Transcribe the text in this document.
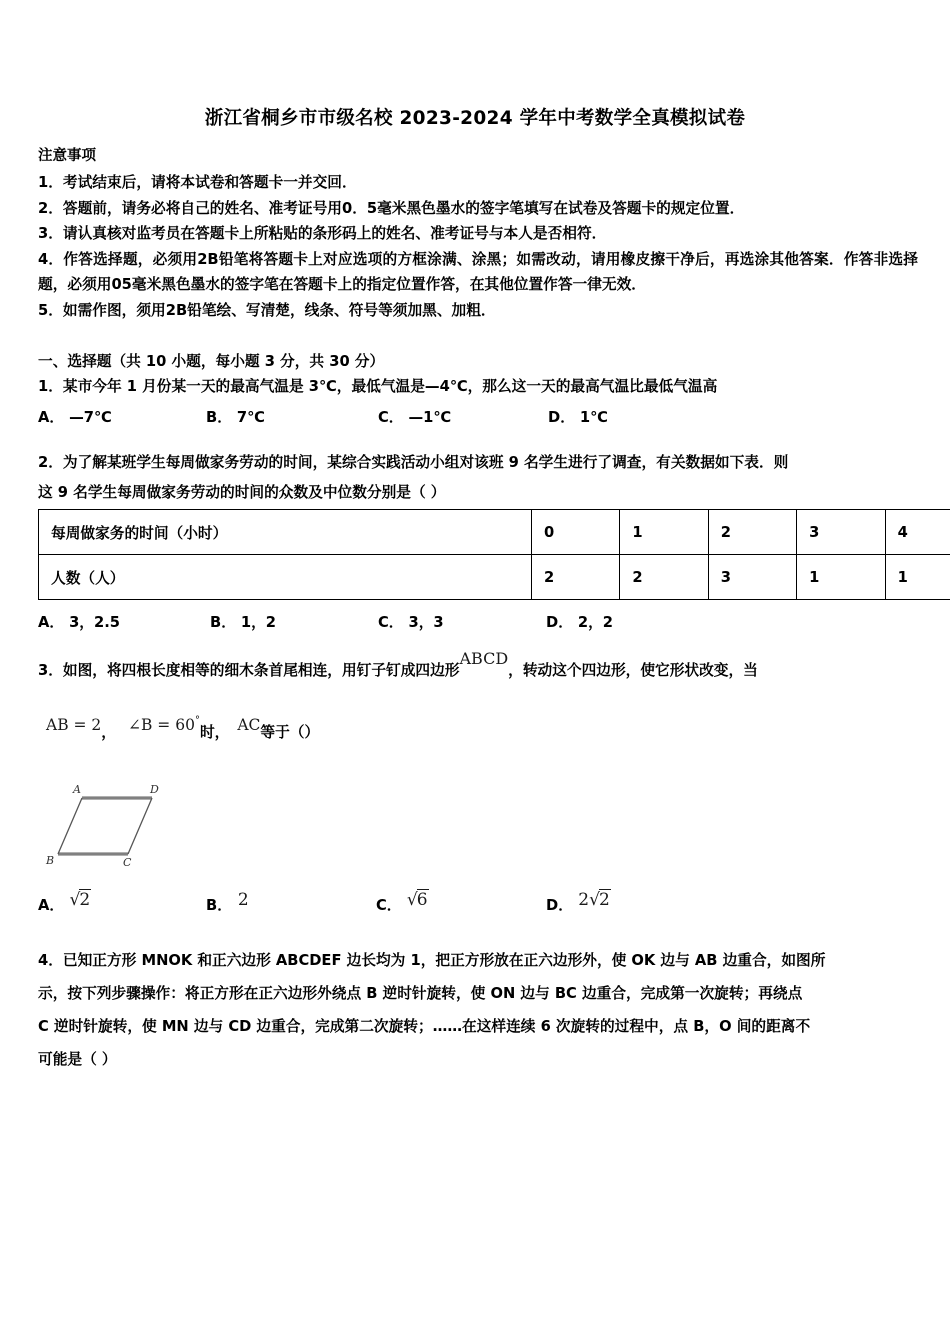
浙江省桐乡市市级名校 2023-2024 学年中考数学全真模拟试卷
注意事项
1．考试结束后，请将本试卷和答题卡一并交回．
2．答题前，请务必将自己的姓名、准考证号用0．5毫米黑色墨水的签字笔填写在试卷及答题卡的规定位置．
3．请认真核对监考员在答题卡上所粘贴的条形码上的姓名、准考证号与本人是否相符．
4．作答选择题，必须用2B铅笔将答题卡上对应选项的方框涂满、涂黑；如需改动，请用橡皮擦干净后，再选涂其他答案．作答非选择题，必须用05毫米黑色墨水的签字笔在答题卡上的指定位置作答，在其他位置作答一律无效．
5．如需作图，须用2B铅笔绘、写清楚，线条、符号等须加黑、加粗．
一、选择题（共 10 小题，每小题 3 分，共 30 分）
1．某市今年 1 月份某一天的最高气温是 3℃，最低气温是—4℃，那么这一天的最高气温比最低气温高
A． —7℃	B． 7℃	C． —1℃	D． 1℃
2．为了解某班学生每周做家务劳动的时间，某综合实践活动小组对该班 9 名学生进行了调查，有关数据如下表．则
这 9 名学生每周做家务劳动的时间的众数及中位数分别是（ ）
每周做家务的时间（小时）	0	1	2	3	4
人数（人）	2	2	3	1	1
A． 3，2.5	B． 1，2	C． 3，3	D． 2，2
3．如图，将四根长度相等的细木条首尾相连，用钉子钉成四边形ABCD，转动这个四边形，使它形状改变，当
AB = 2， ∠B = 60°时， AC等于（）
A	D
B	C
A． √2	B． 2	C． √6	D． 2√2
4．已知正方形 MNOK 和正六边形 ABCDEF 边长均为 1，把正方形放在正六边形外，使 OK 边与 AB 边重合，如图所
示，按下列步骤操作：将正方形在正六边形外绕点 B 逆时针旋转，使 ON 边与 BC 边重合，完成第一次旋转；再绕点
C 逆时针旋转，使 MN 边与 CD 边重合，完成第二次旋转；……在这样连续 6 次旋转的过程中，点 B，O 间的距离不
可能是（ ）
